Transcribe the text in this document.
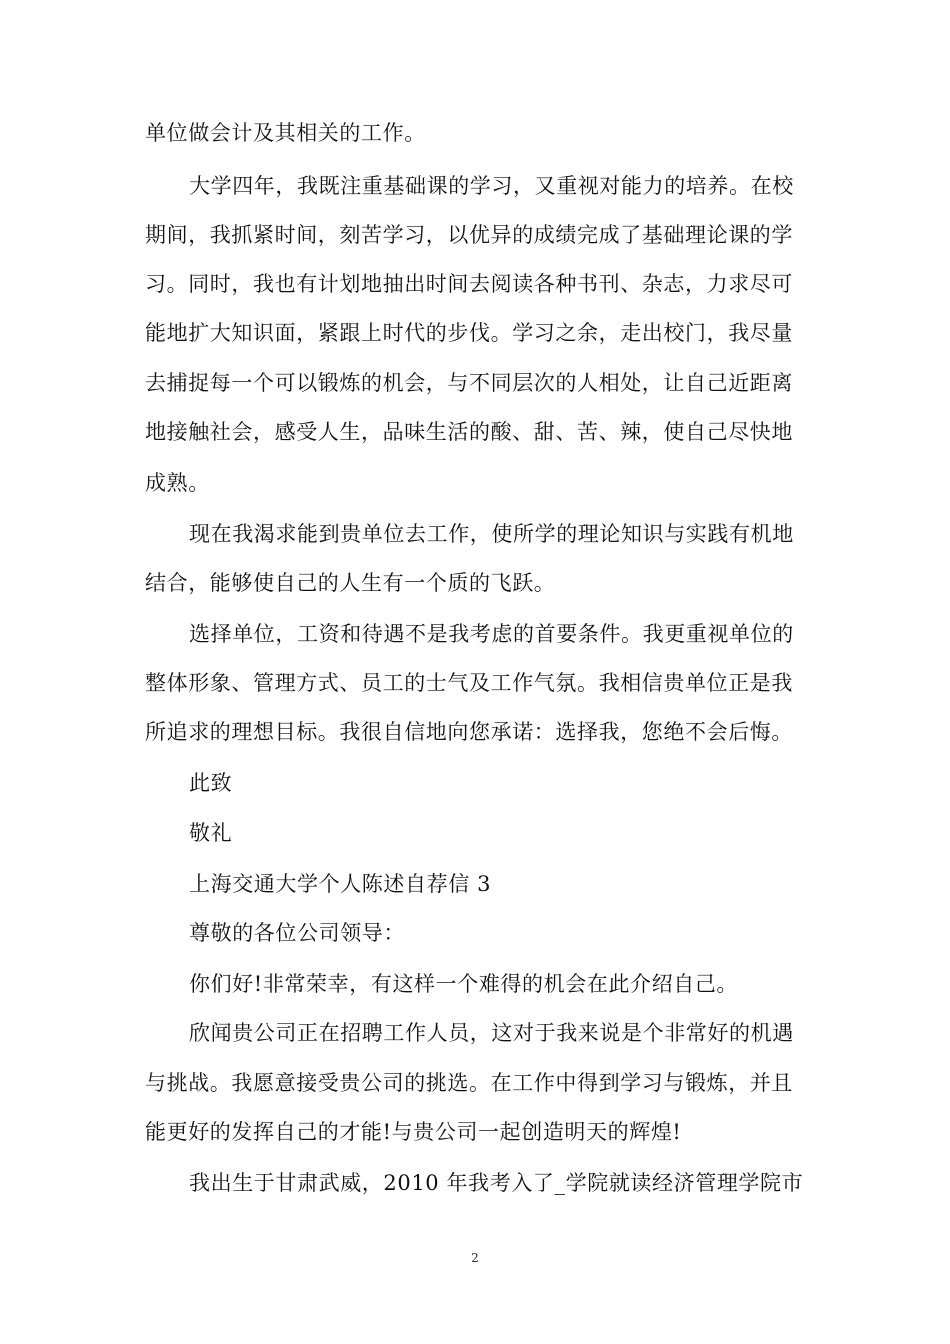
单位做会计及其相关的工作。
大学四年，我既注重基础课的学习，又重视对能力的培养。在校
期间，我抓紧时间，刻苦学习，以优异的成绩完成了基础理论课的学
习。同时，我也有计划地抽出时间去阅读各种书刊、杂志，力求尽可
能地扩大知识面，紧跟上时代的步伐。学习之余，走出校门，我尽量
去捕捉每一个可以锻炼的机会，与不同层次的人相处，让自己近距离
地接触社会，感受人生，品味生活的酸、甜、苦、辣，使自己尽快地
成熟。
现在我渴求能到贵单位去工作，使所学的理论知识与实践有机地
结合，能够使自己的人生有一个质的飞跃。
选择单位，工资和待遇不是我考虑的首要条件。我更重视单位的
整体形象、管理方式、员工的士气及工作气氛。我相信贵单位正是我
所追求的理想目标。我很自信地向您承诺：选择我，您绝不会后悔。
此致
敬礼
上海交通大学个人陈述自荐信 3
尊敬的各位公司领导：
你们好!非常荣幸，有这样一个难得的机会在此介绍自己。
欣闻贵公司正在招聘工作人员，这对于我来说是个非常好的机遇
与挑战。我愿意接受贵公司的挑选。在工作中得到学习与锻炼，并且
能更好的发挥自己的才能!与贵公司一起创造明天的辉煌!
我出生于甘肃武威，2010 年我考入了_学院就读经济管理学院市
2
